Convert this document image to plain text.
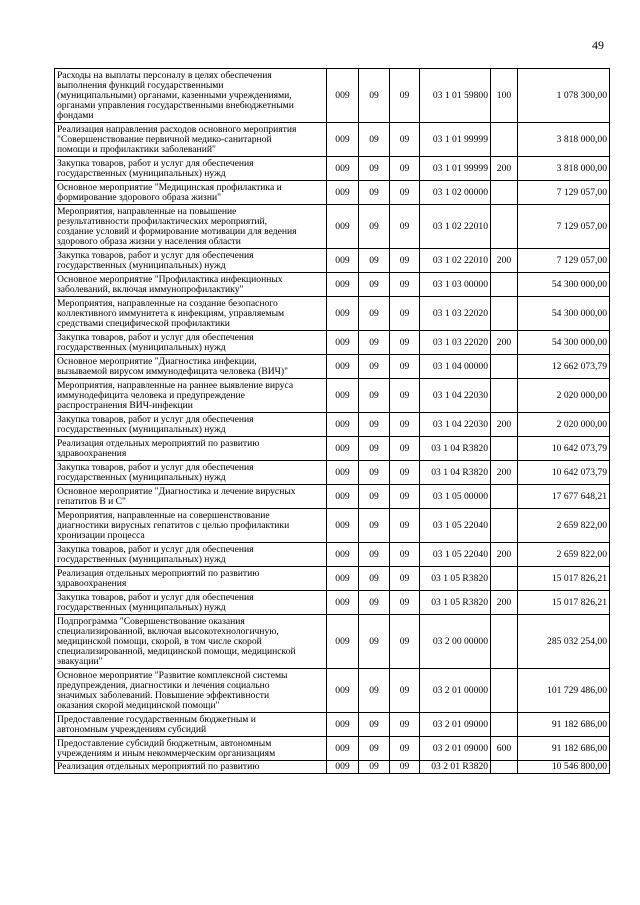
49
Расходы на выплаты персоналу в целях обеспечения
выполнения функций государственными
(муниципальными) органами, казенными учреждениями,
органами управления государственными внебюджетными
фондами	009	09	09	03 1 01 59800	100	1 078 300,00
Реализация направления расходов основного мероприятия
"Совершенствование первичной медико-санитарной
помощи и профилактики заболеваний"	009	09	09	03 1 01 99999		3 818 000,00
Закупка товаров, работ и услуг для обеспечения
государственных (муниципальных) нужд	009	09	09	03 1 01 99999	200	3 818 000,00
Основное мероприятие "Медицинская профилактика и
формирование здорового образа жизни"	009	09	09	03 1 02 00000		7 129 057,00
Мероприятия, направленные на повышение
результативности профилактических мероприятий,
создание условий и формирование мотивации для ведения
здорового образа жизни у населения области	009	09	09	03 1 02 22010		7 129 057,00
Закупка товаров, работ и услуг для обеспечения
государственных (муниципальных) нужд	009	09	09	03 1 02 22010	200	7 129 057,00
Основное мероприятие "Профилактика инфекционных
заболеваний, включая иммунопрофилактику"	009	09	09	03 1 03 00000		54 300 000,00
Мероприятия, направленные на создание безопасного
коллективного иммунитета к инфекциям, управляемым
средствами специфической профилактики	009	09	09	03 1 03 22020		54 300 000,00
Закупка товаров, работ и услуг для обеспечения
государственных (муниципальных) нужд	009	09	09	03 1 03 22020	200	54 300 000,00
Основное мероприятие "Диагностика инфекции,
вызываемой вирусом иммунодефицита человека (ВИЧ)"	009	09	09	03 1 04 00000		12 662 073,79
Мероприятия, направленные на раннее выявление вируса
иммунодефицита человека и предупреждение
распространения ВИЧ-инфекции	009	09	09	03 1 04 22030		2 020 000,00
Закупка товаров, работ и услуг для обеспечения
государственных (муниципальных) нужд	009	09	09	03 1 04 22030	200	2 020 000,00
Реализация отдельных мероприятий по развитию
здравоохранения	009	09	09	03 1 04 R3820		10 642 073,79
Закупка товаров, работ и услуг для обеспечения
государственных (муниципальных) нужд	009	09	09	03 1 04 R3820	200	10 642 073,79
Основное мероприятие "Диагностика и лечение вирусных
гепатитов В и С"	009	09	09	03 1 05 00000		17 677 648,21
Мероприятия, направленные на совершенствование
диагностики вирусных гепатитов с целью профилактики
хронизации процесса	009	09	09	03 1 05 22040		2 659 822,00
Закупка товаров, работ и услуг для обеспечения
государственных (муниципальных) нужд	009	09	09	03 1 05 22040	200	2 659 822,00
Реализация отдельных мероприятий по развитию
здравоохранения	009	09	09	03 1 05 R3820		15 017 826,21
Закупка товаров, работ и услуг для обеспечения
государственных (муниципальных) нужд	009	09	09	03 1 05 R3820	200	15 017 826,21
Подпрограмма "Совершенствование оказания
специализированной, включая высокотехнологичную,
медицинской помощи, скорой, в том числе скорой
специализированной, медицинской помощи, медицинской
эвакуации"	009	09	09	03 2 00 00000		285 032 254,00
Основное мероприятие "Развитие комплексной системы
предупреждения, диагностики и лечения социально
значимых заболеваний. Повышение эффективности
оказания скорой медицинской помощи"	009	09	09	03 2 01 00000		101 729 486,00
Предоставление государственным бюджетным и
автономным учреждениям субсидий	009	09	09	03 2 01 09000		91 182 686,00
Предоставление субсидий бюджетным, автономным
учреждениям и иным некоммерческим организациям	009	09	09	03 2 01 09000	600	91 182 686,00
Реализация отдельных мероприятий по развитию	009	09	09	03 2 01 R3820		10 546 800,00
